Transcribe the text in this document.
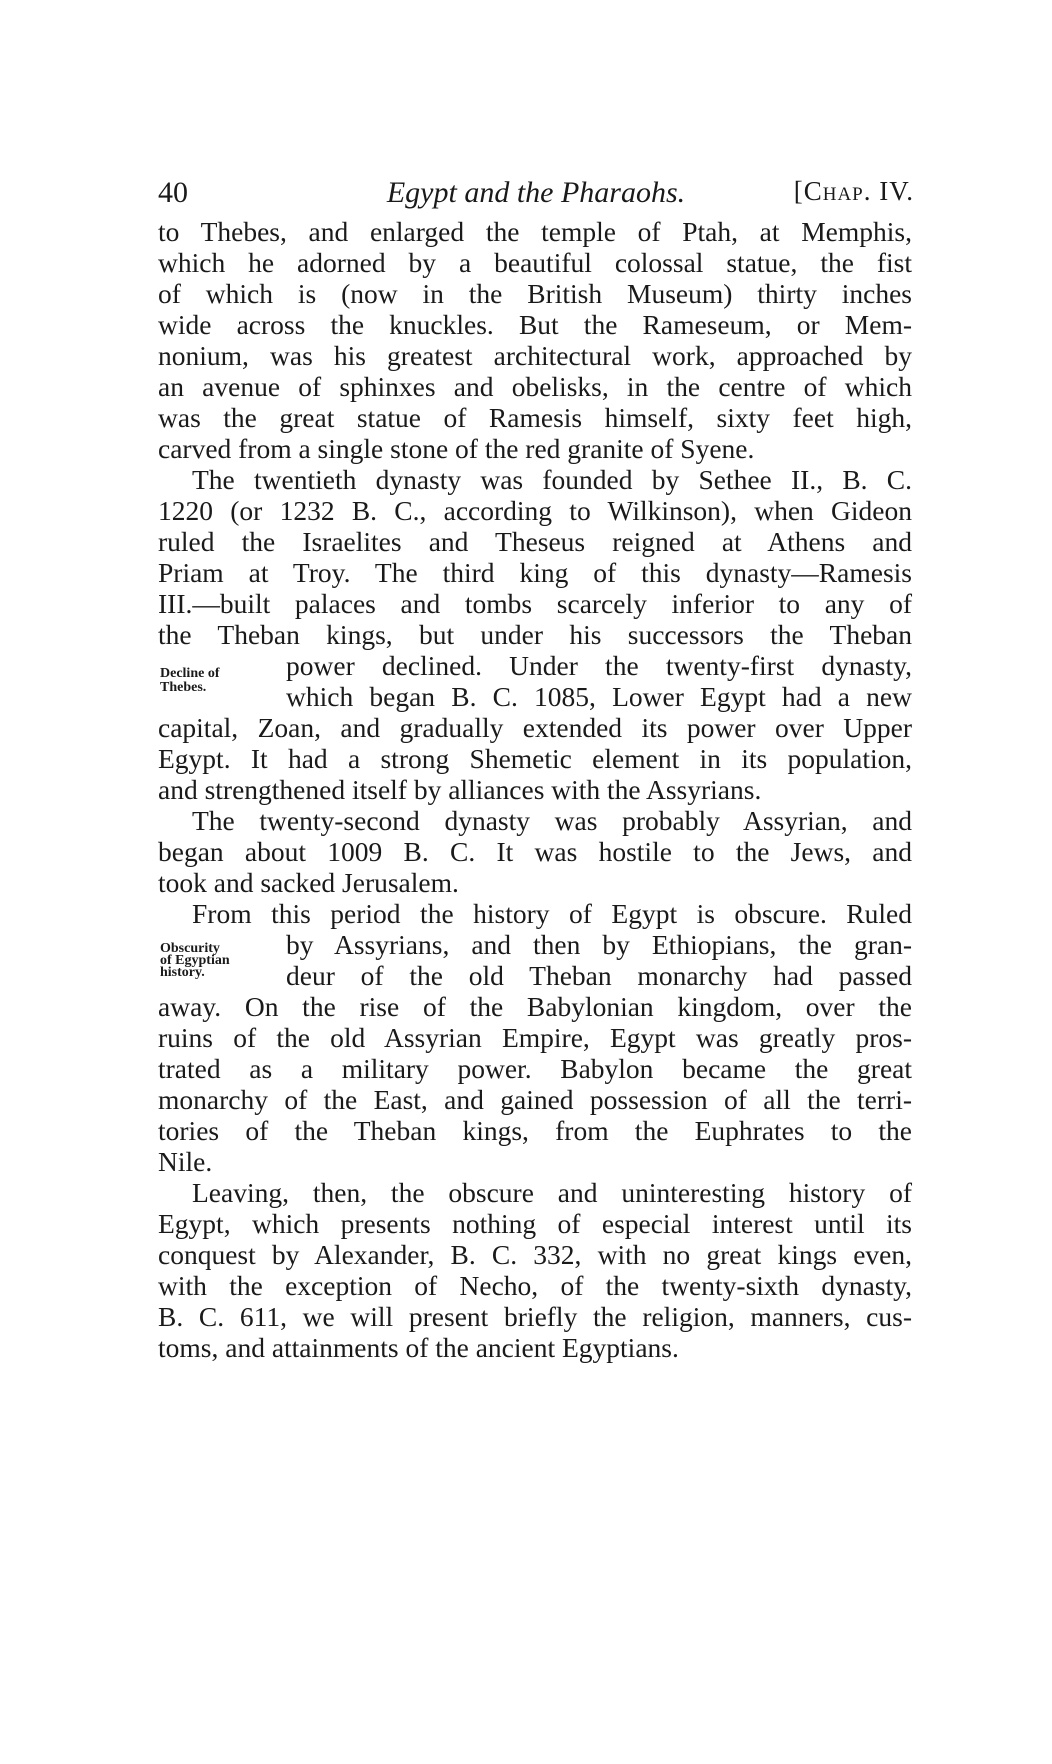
40	Egypt and the Pharaohs.	[Chap. IV.
Decline of
Thebes.
Obscurity
of Egyptian
history.
to Thebes, and enlarged the temple of Ptah, at Memphis,
which he adorned by a beautiful colossal statue, the fist
of which is (now in the British Museum) thirty inches
wide across the knuckles. But the Rameseum, or Mem-
nonium, was his greatest architectural work, approached by
an avenue of sphinxes and obelisks, in the centre of which
was the great statue of Ramesis himself, sixty feet high,
carved from a single stone of the red granite of Syene.
The twentieth dynasty was founded by Sethee II., B. C.
1220 (or 1232 B. C., according to Wilkinson), when Gideon
ruled the Israelites and Theseus reigned at Athens and
Priam at Troy. The third king of this dynasty—Ramesis
III.—built palaces and tombs scarcely inferior to any of
the Theban kings, but under his successors the Theban
power declined. Under the twenty-first dynasty,
which began B. C. 1085, Lower Egypt had a new
capital, Zoan, and gradually extended its power over Upper
Egypt. It had a strong Shemetic element in its population,
and strengthened itself by alliances with the Assyrians.
The twenty-second dynasty was probably Assyrian, and
began about 1009 B. C. It was hostile to the Jews, and
took and sacked Jerusalem.
From this period the history of Egypt is obscure. Ruled
by Assyrians, and then by Ethiopians, the gran-
deur of the old Theban monarchy had passed
away. On the rise of the Babylonian kingdom, over the
ruins of the old Assyrian Empire, Egypt was greatly pros-
trated as a military power. Babylon became the great
monarchy of the East, and gained possession of all the terri-
tories of the Theban kings, from the Euphrates to the
Nile.
Leaving, then, the obscure and uninteresting history of
Egypt, which presents nothing of especial interest until its
conquest by Alexander, B. C. 332, with no great kings even,
with the exception of Necho, of the twenty-sixth dynasty,
B. C. 611, we will present briefly the religion, manners, cus-
toms, and attainments of the ancient Egyptians.
